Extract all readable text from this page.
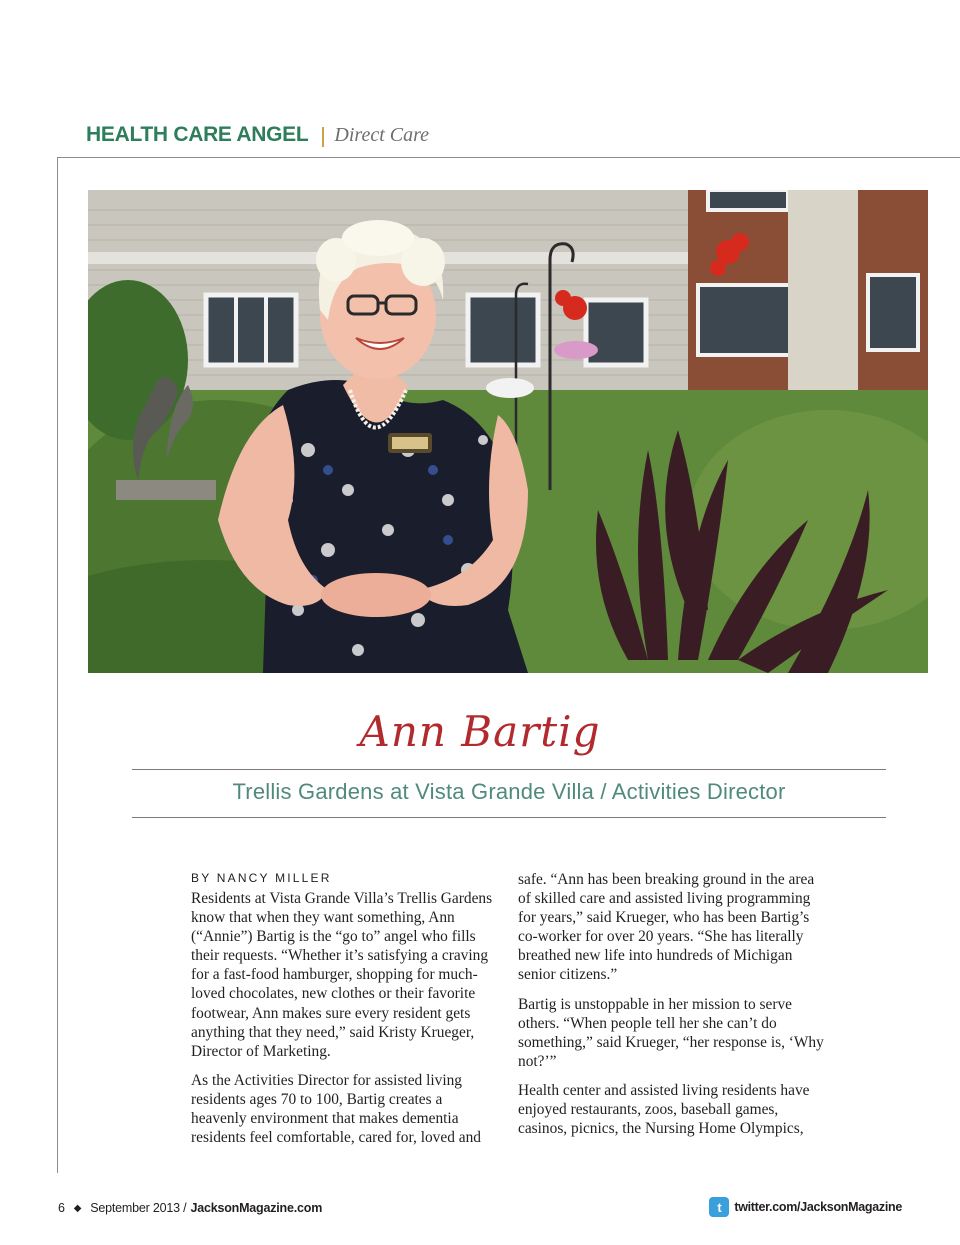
HEALTH CARE ANGEL Direct Care
Ann Bartig
Trellis Gardens at Vista Grande Villa / Activities Director
BY NANCY MILLER

Residents at Vista Grande Villa’s Trellis Gardens know that when they want something, Ann (“Annie”) Bartig is the “go to” angel who fills their requests. “Whether it’s satisfying a craving for a fast-food hamburger, shopping for much-loved chocolates, new clothes or their favorite footwear, Ann makes sure every resident gets anything that they need,” said Kristy Krueger, Director of Marketing.

As the Activities Director for assisted living residents ages 70 to 100, Bartig creates a heavenly environment that makes dementia residents feel comfortable, cared for, loved and

safe. “Ann has been breaking ground in the area of skilled care and assisted living programming for years,” said Krueger, who has been Bartig’s co-worker for over 20 years. “She has literally breathed new life into hundreds of Michigan senior citizens.”

Bartig is unstoppable in her mission to serve others. “When people tell her she can’t do something,” said Krueger, “her response is, ‘Why not?’”

Health center and assisted living residents have enjoyed restaurants, zoos, baseball games, casinos, picnics, the Nursing Home Olympics,

6 ◆ September 2013 / JacksonMagazine.com	t	twitter.com/JacksonMagazine
